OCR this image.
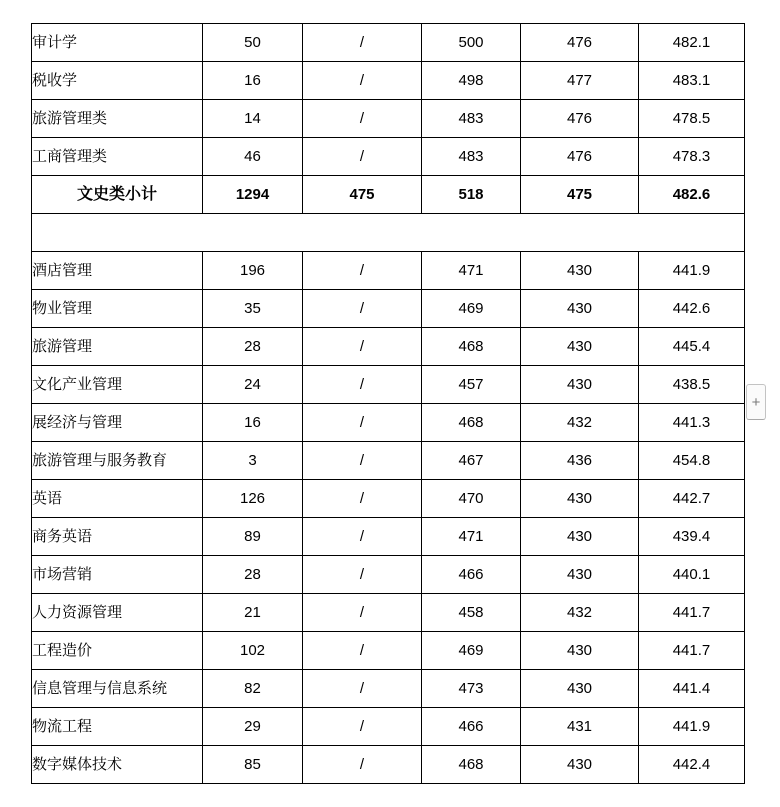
审计学	50	/	500	476	482.1
税收学	16	/	498	477	483.1
旅游管理类	14	/	483	476	478.5
工商管理类	46	/	483	476	478.3
文史类小计	1294	475	518	475	482.6

酒店管理	196	/	471	430	441.9
物业管理	35	/	469	430	442.6
旅游管理	28	/	468	430	445.4
文化产业管理	24	/	457	430	438.5
展经济与管理	16	/	468	432	441.3
旅游管理与服务教育	3	/	467	436	454.8
英语	126	/	470	430	442.7
商务英语	89	/	471	430	439.4
市场营销	28	/	466	430	440.1
人力资源管理	21	/	458	432	441.7
工程造价	102	/	469	430	441.7
信息管理与信息系统	82	/	473	430	441.4
物流工程	29	/	466	431	441.9
数字媒体技术	85	/	468	430	442.4
+
